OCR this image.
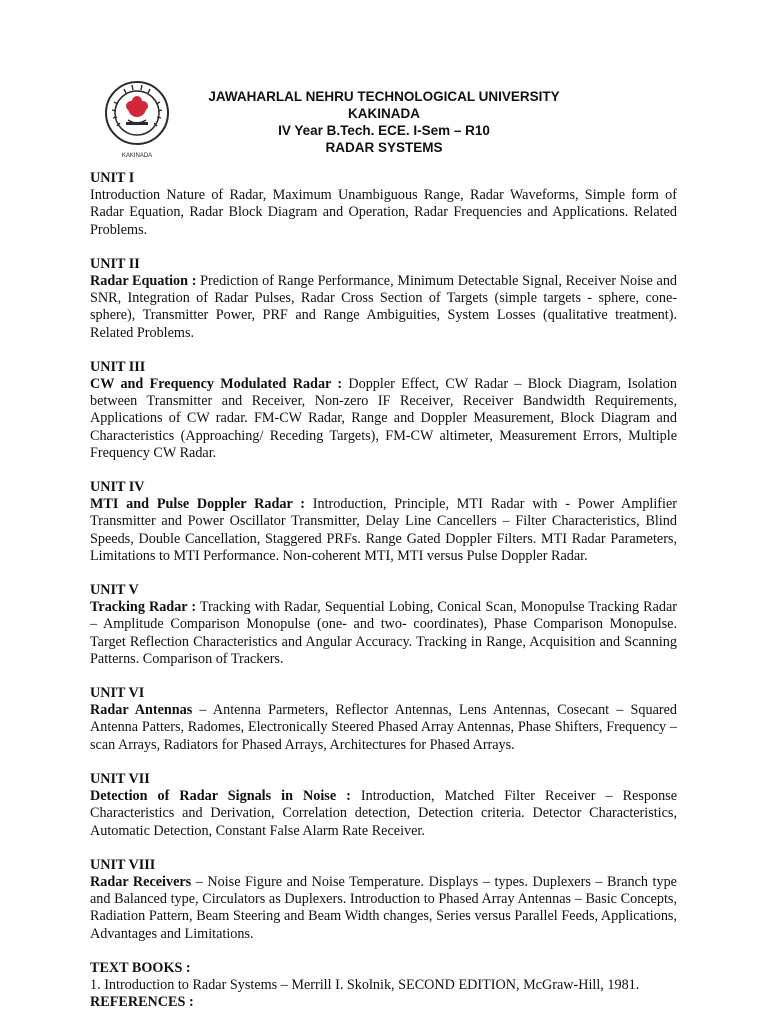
KAKINADA
JAWAHARLAL NEHRU TECHNOLOGICAL UNIVERSITY
KAKINADA
IV Year B.Tech. ECE. I-Sem – R10
RADAR SYSTEMS
UNIT I
Introduction Nature of Radar, Maximum Unambiguous Range, Radar Waveforms, Simple form of Radar Equation, Radar Block Diagram and Operation, Radar Frequencies and Applications. Related Problems.
UNIT II
Radar Equation : Prediction of Range Performance, Minimum Detectable Signal, Receiver Noise and SNR, Integration of Radar Pulses, Radar Cross Section of Targets (simple targets - sphere, cone-sphere), Transmitter Power, PRF and Range Ambiguities, System Losses (qualitative treatment). Related Problems.
UNIT III
CW and Frequency Modulated Radar : Doppler Effect, CW Radar – Block Diagram, Isolation between Transmitter and Receiver, Non-zero IF Receiver, Receiver Bandwidth Requirements, Applications of CW radar. FM-CW Radar, Range and Doppler Measurement, Block Diagram and Characteristics (Approaching/ Receding Targets), FM-CW altimeter, Measurement Errors, Multiple Frequency CW Radar.
UNIT IV
MTI and Pulse Doppler Radar : Introduction, Principle, MTI Radar with - Power Amplifier Transmitter and Power Oscillator Transmitter, Delay Line Cancellers – Filter Characteristics, Blind Speeds, Double Cancellation, Staggered PRFs. Range Gated Doppler Filters. MTI Radar Parameters, Limitations to MTI Performance. Non-coherent MTI, MTI versus Pulse Doppler Radar.
UNIT V
Tracking Radar : Tracking with Radar, Sequential Lobing, Conical Scan, Monopulse Tracking Radar – Amplitude Comparison Monopulse (one- and two- coordinates), Phase Comparison Monopulse. Target Reflection Characteristics and Angular Accuracy. Tracking in Range, Acquisition and Scanning Patterns. Comparison of Trackers.
UNIT VI
Radar Antennas – Antenna Parmeters, Reflector Antennas, Lens Antennas, Cosecant – Squared Antenna Patters, Radomes, Electronically Steered Phased Array Antennas, Phase Shifters, Frequency – scan Arrays, Radiators for Phased Arrays, Architectures for Phased Arrays.
UNIT VII
Detection of Radar Signals in Noise : Introduction, Matched Filter Receiver – Response Characteristics and Derivation, Correlation detection, Detection criteria. Detector Characteristics, Automatic Detection, Constant False Alarm Rate Receiver.
UNIT VIII
Radar Receivers – Noise Figure and Noise Temperature. Displays – types. Duplexers – Branch type and Balanced type, Circulators as Duplexers. Introduction to Phased Array Antennas – Basic Concepts, Radiation Pattern, Beam Steering and Beam Width changes, Series versus Parallel Feeds, Applications, Advantages and Limitations.
TEXT BOOKS :
1. Introduction to Radar Systems – Merrill I. Skolnik, SECOND EDITION, McGraw-Hill, 1981.
REFERENCES :
